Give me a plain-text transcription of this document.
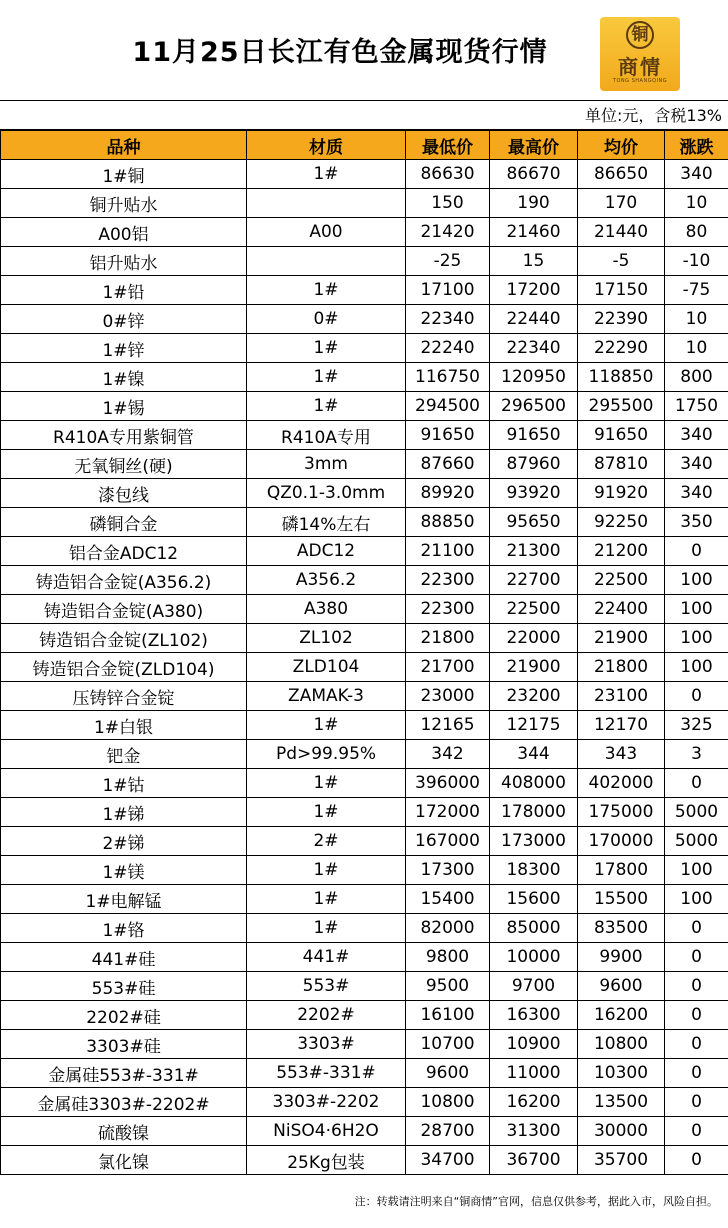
11月25日长江有色金属现货行情
铜
商情
TONG SHANGQING
单位:元，含税13%
品种	材质	最低价	最高价	均价	涨跌
1#铜	1#	86630	86670	86650	340
铜升贴水		150	190	170	10
A00铝	A00	21420	21460	21440	80
铝升贴水		-25	15	-5	-10
1#铅	1#	17100	17200	17150	-75
0#锌	0#	22340	22440	22390	10
1#锌	1#	22240	22340	22290	10
1#镍	1#	116750	120950	118850	800
1#锡	1#	294500	296500	295500	1750
R410A专用紫铜管	R410A专用	91650	91650	91650	340
无氧铜丝(硬)	3mm	87660	87960	87810	340
漆包线	QZ0.1-3.0mm	89920	93920	91920	340
磷铜合金	磷14%左右	88850	95650	92250	350
铝合金ADC12	ADC12	21100	21300	21200	0
铸造铝合金锭(A356.2)	A356.2	22300	22700	22500	100
铸造铝合金锭(A380)	A380	22300	22500	22400	100
铸造铝合金锭(ZL102)	ZL102	21800	22000	21900	100
铸造铝合金锭(ZLD104)	ZLD104	21700	21900	21800	100
压铸锌合金锭	ZAMAK-3	23000	23200	23100	0
1#白银	1#	12165	12175	12170	325
钯金	Pd>99.95%	342	344	343	3
1#钴	1#	396000	408000	402000	0
1#锑	1#	172000	178000	175000	5000
2#锑	2#	167000	173000	170000	5000
1#镁	1#	17300	18300	17800	100
1#电解锰	1#	15400	15600	15500	100
1#铬	1#	82000	85000	83500	0
441#硅	441#	9800	10000	9900	0
553#硅	553#	9500	9700	9600	0
2202#硅	2202#	16100	16300	16200	0
3303#硅	3303#	10700	10900	10800	0
金属硅553#-331#	553#-331#	9600	11000	10300	0
金属硅3303#-2202#	3303#-2202	10800	16200	13500	0
硫酸镍	NiSO4·6H2O	28700	31300	30000	0
氯化镍	25Kg包装	34700	36700	35700	0
注：转载请注明来自“铜商情”官网，信息仅供参考，据此入市，风险自担。
